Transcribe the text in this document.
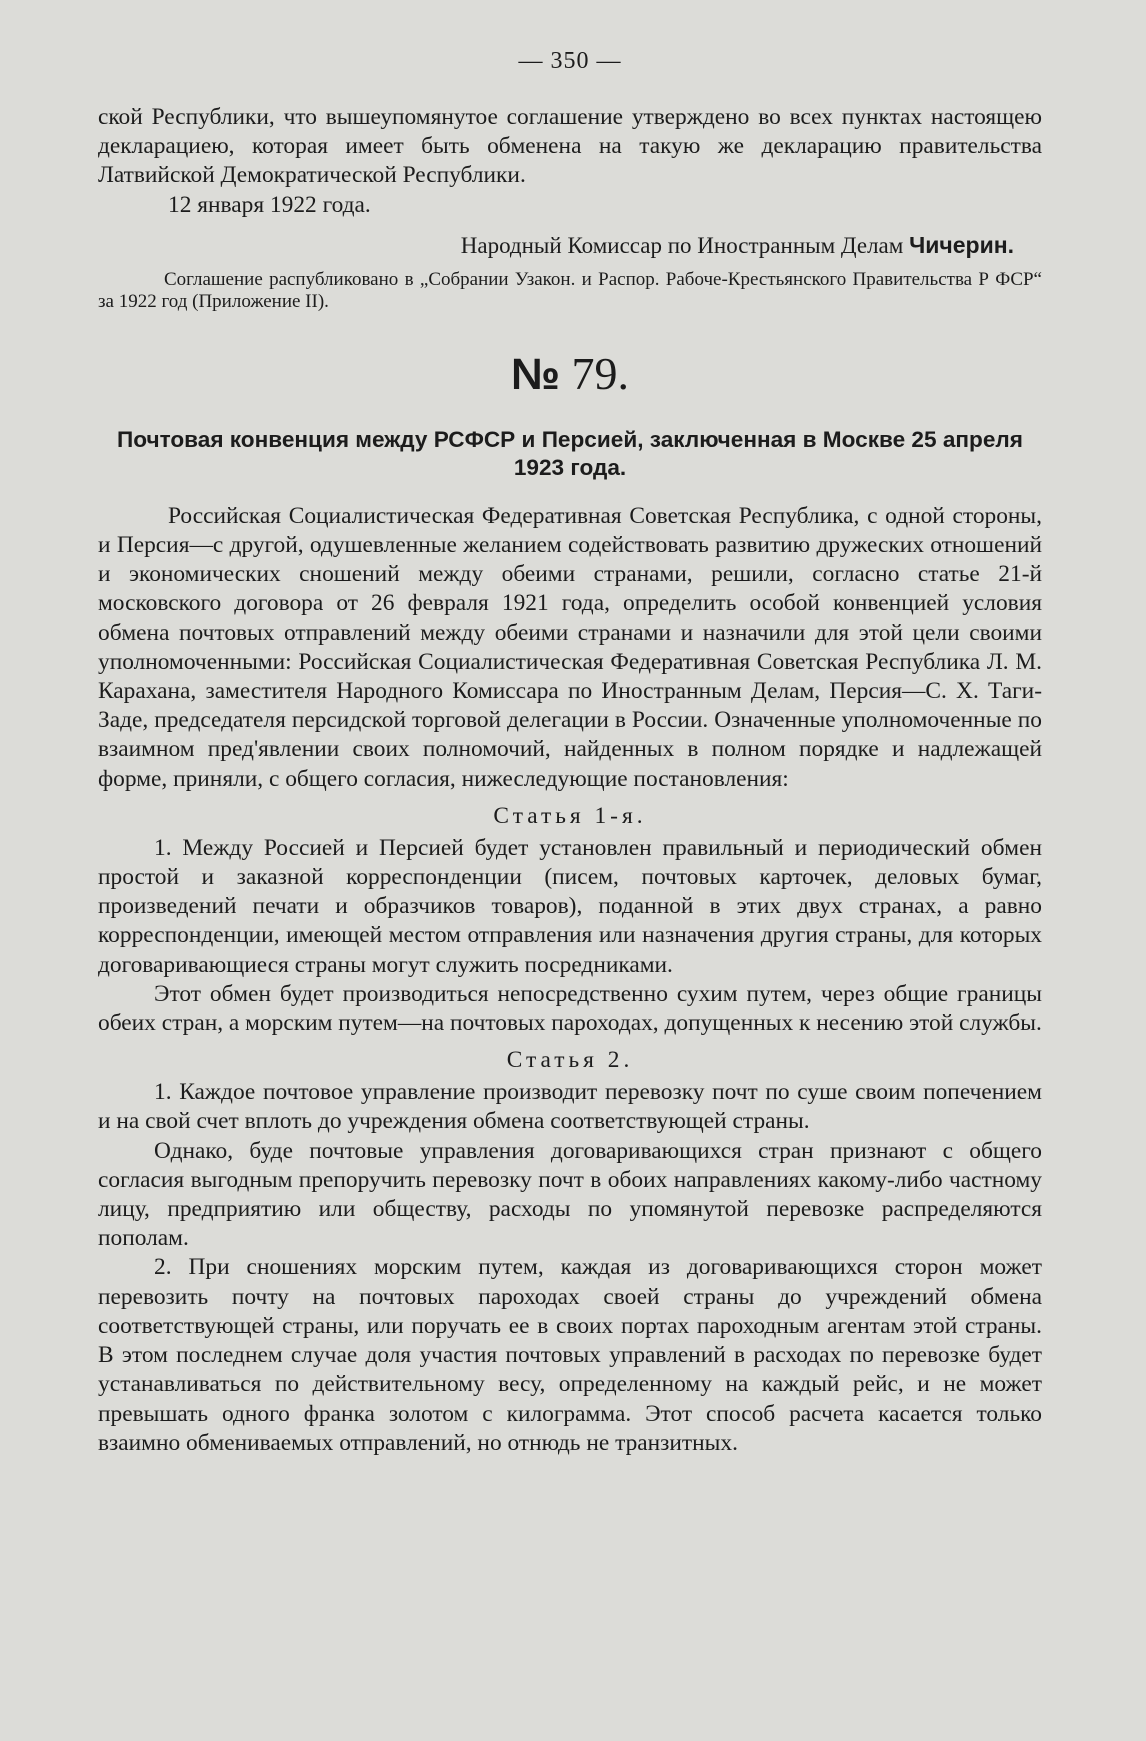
— 350 —

ской Республики, что вышеупомянутое соглашение утверждено во всех пунктах настоящею декларациею, которая имеет быть обменена на такую же декларацию правительства Латвийской Демократической Республики.

12 января 1922 года.

Народный Комиссар по Иностранным Делам Чичерин.

Соглашение распубликовано в „Собрании Узакон. и Распор. Рабоче-Крестьянского Правительства Р ФСР“ за 1922 год (Приложение II).

№ 79.
Почтовая конвенция между РСФСР и Персией, заключенная в Москве 25 апреля 1923 года.

Российская Социалистическая Федеративная Советская Республика, с одной стороны, и Персия—с другой, одушевленные желанием содействовать развитию дружеских отношений и экономических сношений между обеими странами, решили, согласно статье 21-й московского договора от 26 февраля 1921 года, определить особой конвенцией условия обмена почтовых отправлений между обеими странами и назначили для этой цели своими уполномоченными: Российская Социалистическая Федеративная Советская Республика Л. М. Карахана, заместителя Народного Комиссара по Иностранным Делам, Персия—С. Х. Таги-Заде, председателя персидской торговой делегации в России. Означенные уполномоченные по взаимном пред'явлении своих полномочий, найденных в полном порядке и надлежащей форме, приняли, с общего согласия, нижеследующие постановления:

Статья 1-я.

1. Между Россией и Персией будет установлен правильный и периодический обмен простой и заказной корреспонденции (писем, почтовых карточек, деловых бумаг, произведений печати и образчиков товаров), поданной в этих двух странах, а равно корреспонденции, имеющей местом отправления или назначения другия страны, для которых договаривающиеся страны могут служить посредниками.

Этот обмен будет производиться непосредственно сухим путем, через общие границы обеих стран, а морским путем—на почтовых пароходах, допущенных к несению этой службы.

Статья 2.

1. Каждое почтовое управление производит перевозку почт по суше своим попечением и на свой счет вплоть до учреждения обмена соответствующей страны.

Однако, буде почтовые управления договаривающихся стран признают с общего согласия выгодным препоручить перевозку почт в обоих направлениях какому-либо частному лицу, предприятию или обществу, расходы по упомянутой перевозке распределяются пополам.

2. При сношениях морским путем, каждая из договаривающихся сторон может перевозить почту на почтовых пароходах своей страны до учреждений обмена соответствующей страны, или поручать ее в своих портах пароходным агентам этой страны. В этом последнем случае доля участия почтовых управлений в расходах по перевозке будет устанавливаться по действительному весу, определенному на каждый рейс, и не может превышать одного франка золотом с килограмма. Этот способ расчета касается только взаимно обмениваемых отправлений, но отнюдь не транзитных.
